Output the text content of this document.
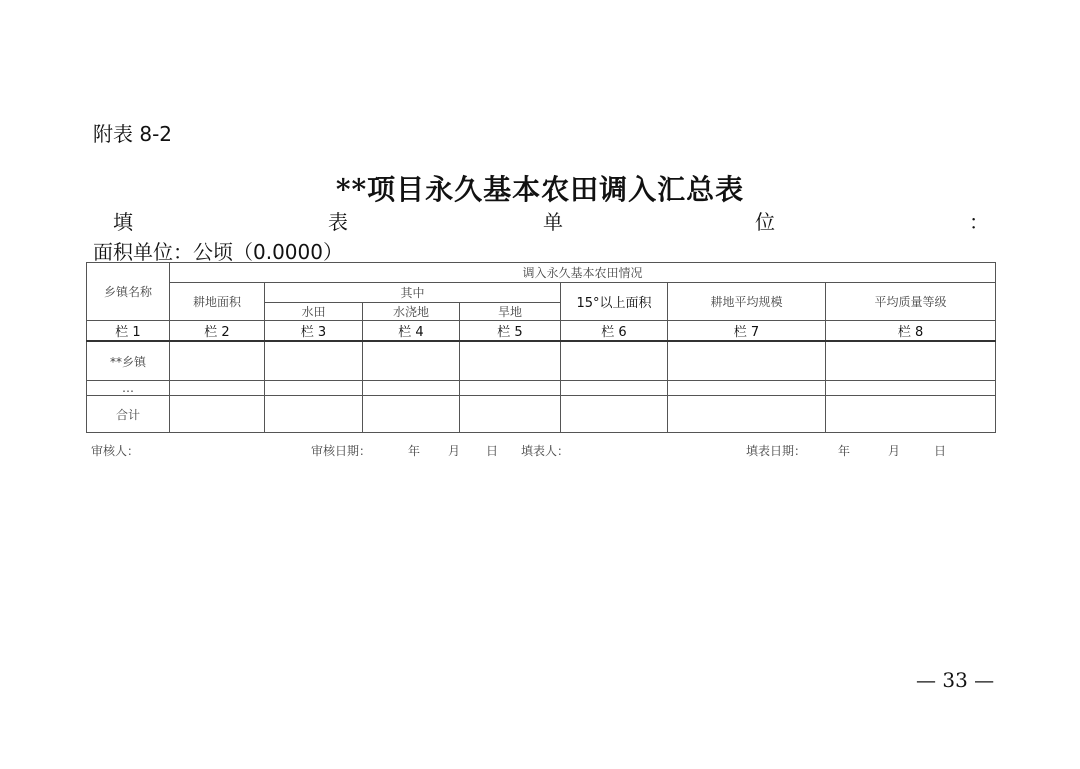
附表 8-2
**项目永久基本农田调入汇总表
填	表	单	位	：
面积单位：公顷（0.0000）
乡镇名称	调入永久基本农田情况						
	耕地面积	其中			15°以上面积	耕地平均规模	平均质量等级
		水田	水浇地	旱地			
栏 1	栏 2	栏 3	栏 4	栏 5	栏 6	栏 7	栏 8
**乡镇							
…							
合计							
审核人：	审核日期：	年 月 日 填表人：	填表日期：	年	月	日
— 33 —
